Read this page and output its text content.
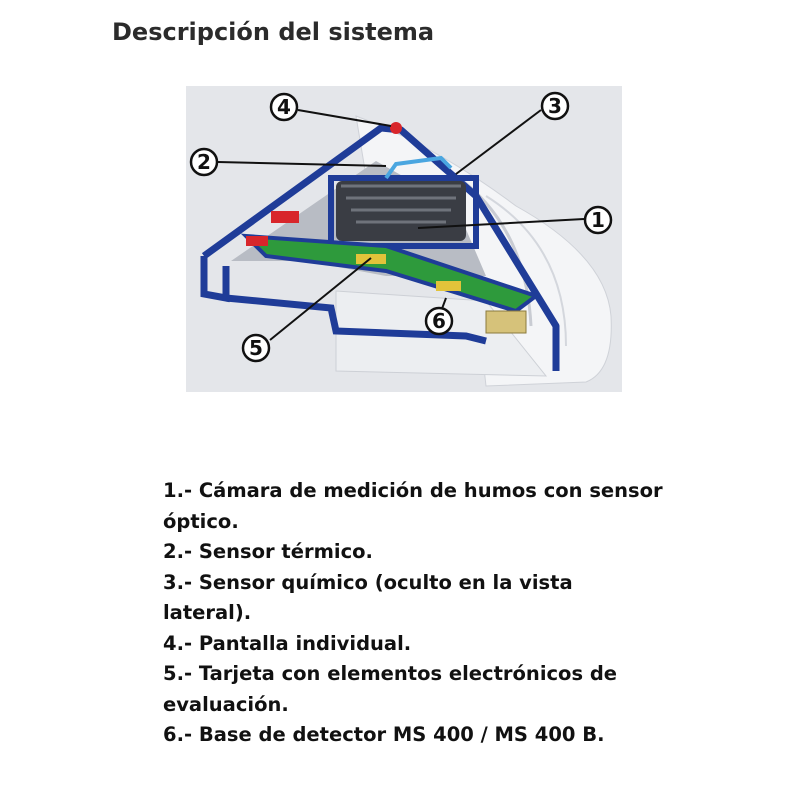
Descripción del sistema
1
2
3
4
5
6
1.- Cámara de medición de humos con sensor óptico.
2.- Sensor térmico.
3.- Sensor químico (oculto en la vista lateral).
4.- Pantalla individual.
5.- Tarjeta con elementos electrónicos de evaluación.
6.- Base de detector MS 400 / MS 400 B.
